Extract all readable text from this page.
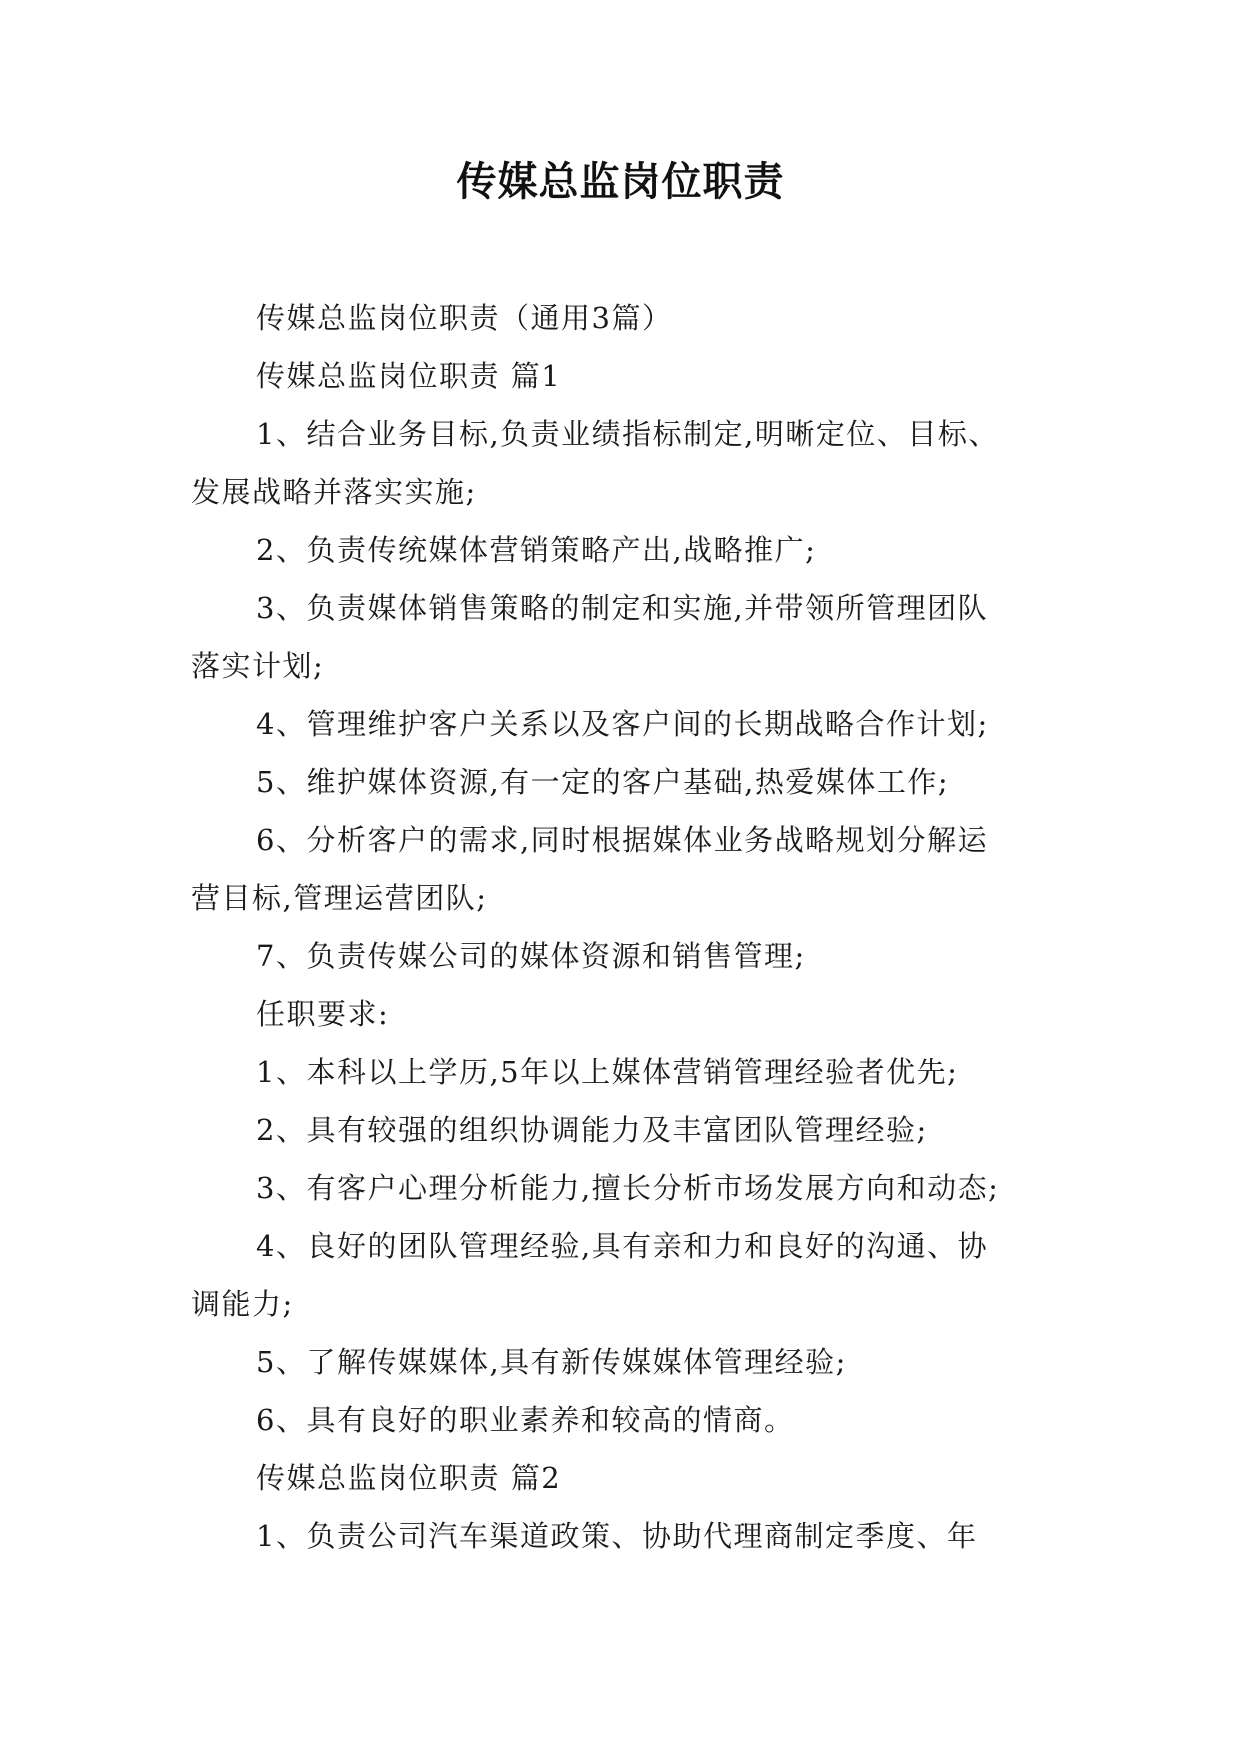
传媒总监岗位职责
传媒总监岗位职责（通用3篇）
传媒总监岗位职责 篇1
1、结合业务目标,负责业绩指标制定,明晰定位、目标、
发展战略并落实实施;
2、负责传统媒体营销策略产出,战略推广;
3、负责媒体销售策略的制定和实施,并带领所管理团队
落实计划;
4、管理维护客户关系以及客户间的长期战略合作计划;
5、维护媒体资源,有一定的客户基础,热爱媒体工作;
6、分析客户的需求,同时根据媒体业务战略规划分解运
营目标,管理运营团队;
7、负责传媒公司的媒体资源和销售管理;
任职要求:
1、本科以上学历,5年以上媒体营销管理经验者优先;
2、具有较强的组织协调能力及丰富团队管理经验;
3、有客户心理分析能力,擅长分析市场发展方向和动态;
4、良好的团队管理经验,具有亲和力和良好的沟通、协
调能力;
5、了解传媒媒体,具有新传媒媒体管理经验;
6、具有良好的职业素养和较高的情商。
传媒总监岗位职责 篇2
1、负责公司汽车渠道政策、协助代理商制定季度、年
